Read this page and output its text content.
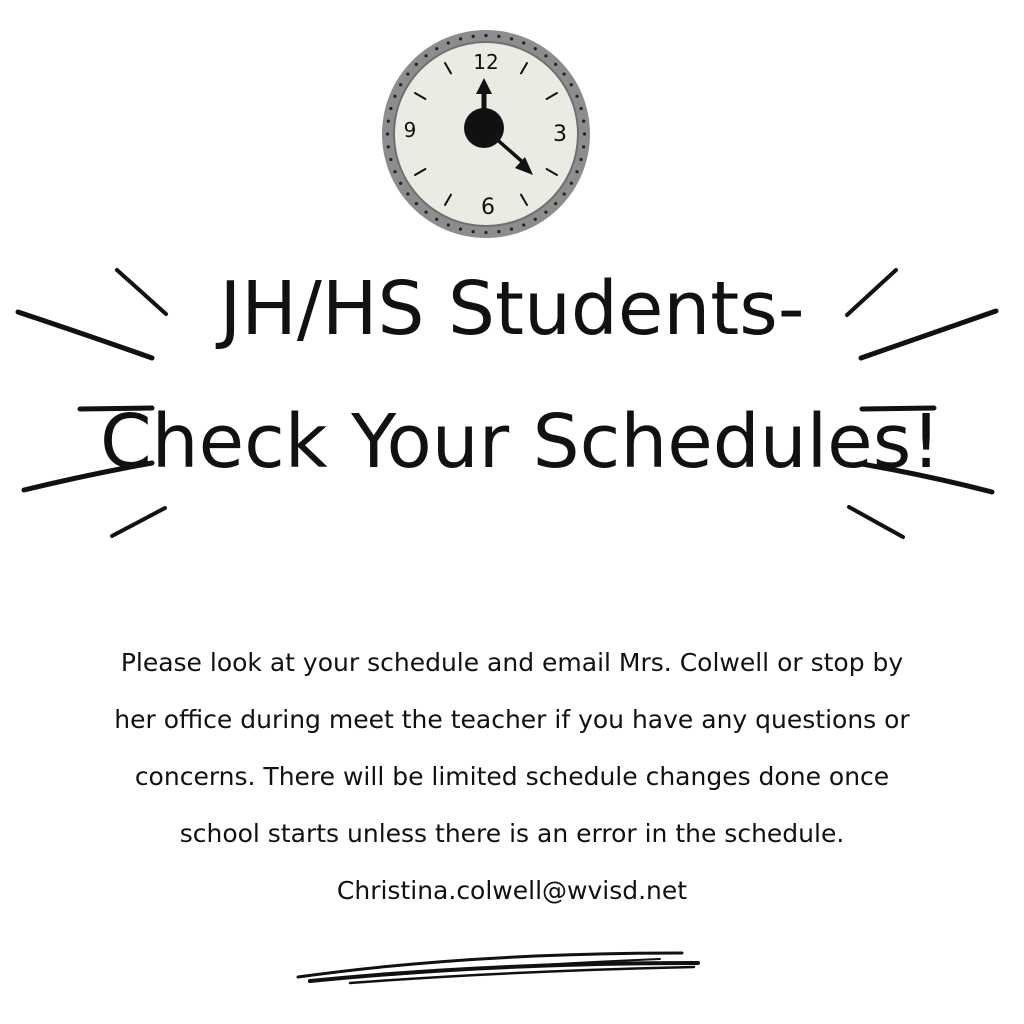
12
3
6
9
JH/HS Students-
Check Your Schedules!

Please look at your schedule and email Mrs. Colwell or stop by her office during meet the teacher if you have any questions or concerns. There will be limited schedule changes done once school starts unless there is an error in the schedule. Christina.colwell@wvisd.net
